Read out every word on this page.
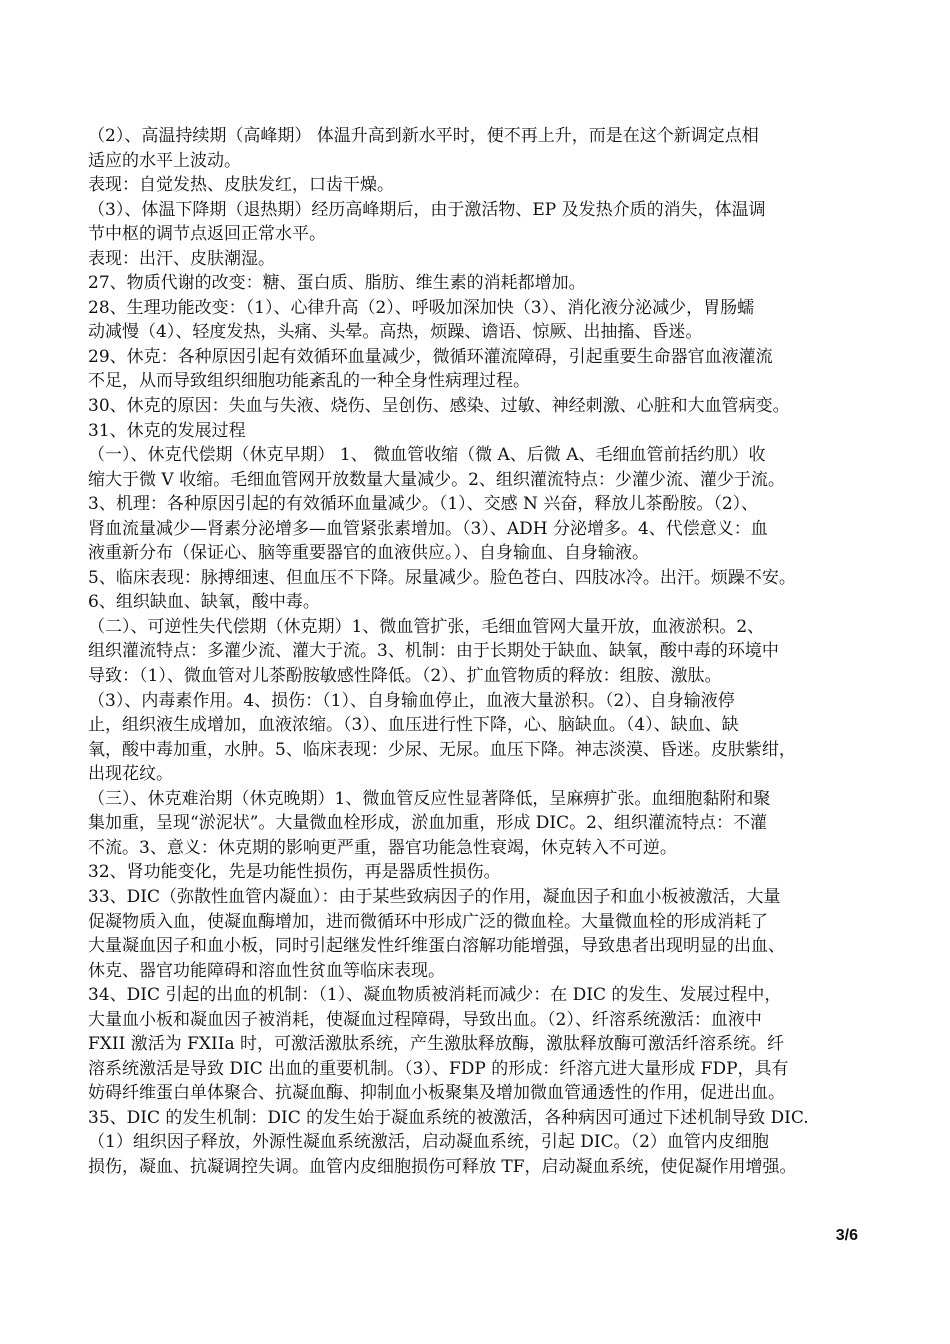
（2）、高温持续期（高峰期） 体温升高到新水平时，便不再上升，而是在这个新调定点相
适应的水平上波动。
表现：自觉发热、皮肤发红，口齿干燥。
（3）、体温下降期（退热期）经历高峰期后，由于激活物、EP 及发热介质的消失，体温调
节中枢的调节点返回正常水平。
表现：出汗、皮肤潮湿。
27、物质代谢的改变：糖、蛋白质、脂肪、维生素的消耗都增加。
28、生理功能改变：（1）、心律升高（2）、呼吸加深加快（3）、消化液分泌减少，胃肠蠕
动减慢（4）、轻度发热，头痛、头晕。高热，烦躁、谵语、惊厥、出抽搐、昏迷。
29、休克：各种原因引起有效循环血量减少，微循环灌流障碍，引起重要生命器官血液灌流
不足，从而导致组织细胞功能紊乱的一种全身性病理过程。
30、休克的原因：失血与失液、烧伤、呈创伤、感染、过敏、神经刺激、心脏和大血管病变。
31、休克的发展过程
（一）、休克代偿期（休克早期） 1、 微血管收缩（微 A、后微 A、毛细血管前括约肌）收
缩大于微 V 收缩。毛细血管网开放数量大量减少。2、组织灌流特点：少灌少流、灌少于流。
3、机理：各种原因引起的有效循环血量减少。（1）、交感 N 兴奋，释放儿茶酚胺。（2）、
肾血流量减少—肾素分泌增多—血管紧张素增加。（3）、ADH 分泌增多。4、代偿意义：血
液重新分布（保证心、脑等重要器官的血液供应。）、自身输血、自身输液。
5、临床表现：脉搏细速、但血压不下降。尿量减少。脸色苍白、四肢冰冷。出汗。烦躁不安。
6、组织缺血、缺氧，酸中毒。
（二）、可逆性失代偿期（休克期）1、微血管扩张，毛细血管网大量开放，血液淤积。2、
组织灌流特点：多灌少流、灌大于流。3、机制：由于长期处于缺血、缺氧，酸中毒的环境中
导致：（1）、微血管对儿茶酚胺敏感性降低。（2）、扩血管物质的释放：组胺、激肽。
（3）、内毒素作用。4、损伤：（1）、自身输血停止，血液大量淤积。（2）、自身输液停
止，组织液生成增加，血液浓缩。（3）、血压进行性下降，心、脑缺血。（4）、缺血、缺
氧，酸中毒加重，水肿。5、临床表现：少尿、无尿。血压下降。神志淡漠、昏迷。皮肤紫绀，
出现花纹。
（三）、休克难治期（休克晚期）1、微血管反应性显著降低，呈麻痹扩张。血细胞黏附和聚
集加重，呈现“淤泥状”。大量微血栓形成，淤血加重，形成 DIC。2、组织灌流特点：不灌
不流。3、意义：休克期的影响更严重，器官功能急性衰竭，休克转入不可逆。
32、肾功能变化，先是功能性损伤，再是器质性损伤。
33、DIC（弥散性血管内凝血）：由于某些致病因子的作用，凝血因子和血小板被激活，大量
促凝物质入血，使凝血酶增加，进而微循环中形成广泛的微血栓。大量微血栓的形成消耗了
大量凝血因子和血小板，同时引起继发性纤维蛋白溶解功能增强，导致患者出现明显的出血、
休克、器官功能障碍和溶血性贫血等临床表现。
34、DIC 引起的出血的机制：（1）、凝血物质被消耗而减少：在 DIC 的发生、发展过程中，
大量血小板和凝血因子被消耗，使凝血过程障碍，导致出血。（2）、纤溶系统激活：血液中
FXII 激活为 FXIIa 时，可激活激肽系统，产生激肽释放酶，激肽释放酶可激活纤溶系统。纤
溶系统激活是导致 DIC 出血的重要机制。（3）、FDP 的形成：纤溶亢进大量形成 FDP，具有
妨碍纤维蛋白单体聚合、抗凝血酶、抑制血小板聚集及增加微血管通透性的作用，促进出血。
35、DIC 的发生机制：DIC 的发生始于凝血系统的被激活，各种病因可通过下述机制导致 DIC.
（1）组织因子释放，外源性凝血系统激活，启动凝血系统，引起 DIC。（2）血管内皮细胞
损伤，凝血、抗凝调控失调。血管内皮细胞损伤可释放 TF，启动凝血系统，使促凝作用增强。
3/6
